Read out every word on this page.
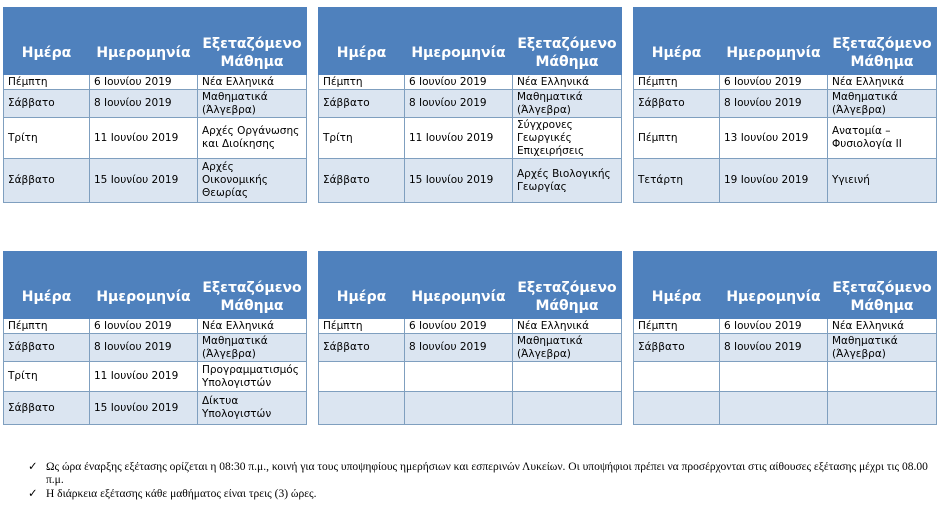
Ημέρα	Ημερομηνία	Εξεταζόμενο Μάθημα
Πέμπτη	6 Ιουνίου 2019	Νέα Ελληνικά
Σάββατο	8 Ιουνίου 2019	Μαθηματικά (Άλγεβρα)
Τρίτη	11 Ιουνίου 2019	Αρχές Οργάνωσης και Διοίκησης
Σάββατο	15 Ιουνίου 2019	Αρχές Οικονομικής Θεωρίας

Ημέρα	Ημερομηνία	Εξεταζόμενο Μάθημα
Πέμπτη	6 Ιουνίου 2019	Νέα Ελληνικά
Σάββατο	8 Ιουνίου 2019	Μαθηματικά (Άλγεβρα)
Τρίτη	11 Ιουνίου 2019	Σύγχρονες Γεωργικές Επιχειρήσεις
Σάββατο	15 Ιουνίου 2019	Αρχές Βιολογικής Γεωργίας

Ημέρα	Ημερομηνία	Εξεταζόμενο Μάθημα
Πέμπτη	6 Ιουνίου 2019	Νέα Ελληνικά
Σάββατο	8 Ιουνίου 2019	Μαθηματικά (Άλγεβρα)
Πέμπτη	13 Ιουνίου 2019	Ανατομία – Φυσιολογία ΙΙ
Τετάρτη	19 Ιουνίου 2019	Υγιεινή

Ημέρα	Ημερομηνία	Εξεταζόμενο Μάθημα
Πέμπτη	6 Ιουνίου 2019	Νέα Ελληνικά
Σάββατο	8 Ιουνίου 2019	Μαθηματικά (Άλγεβρα)
Τρίτη	11 Ιουνίου 2019	Προγραμματισμός Υπολογιστών
Σάββατο	15 Ιουνίου 2019	Δίκτυα Υπολογιστών

Ημέρα	Ημερομηνία	Εξεταζόμενο Μάθημα
Πέμπτη	6 Ιουνίου 2019	Νέα Ελληνικά
Σάββατο	8 Ιουνίου 2019	Μαθηματικά (Άλγεβρα)

Ημέρα	Ημερομηνία	Εξεταζόμενο Μάθημα
Πέμπτη	6 Ιουνίου 2019	Νέα Ελληνικά
Σάββατο	8 Ιουνίου 2019	Μαθηματικά (Άλγεβρα)

✓ Ως ώρα έναρξης εξέτασης ορίζεται η 08:30 π.μ., κοινή για τους υποψηφίους ημερήσιων και εσπερινών Λυκείων. Οι υποψήφιοι πρέπει να προσέρχονται στις αίθουσες εξέτασης μέχρι τις 08.00 π.μ.
✓ Η διάρκεια εξέτασης κάθε μαθήματος είναι τρεις (3) ώρες.
